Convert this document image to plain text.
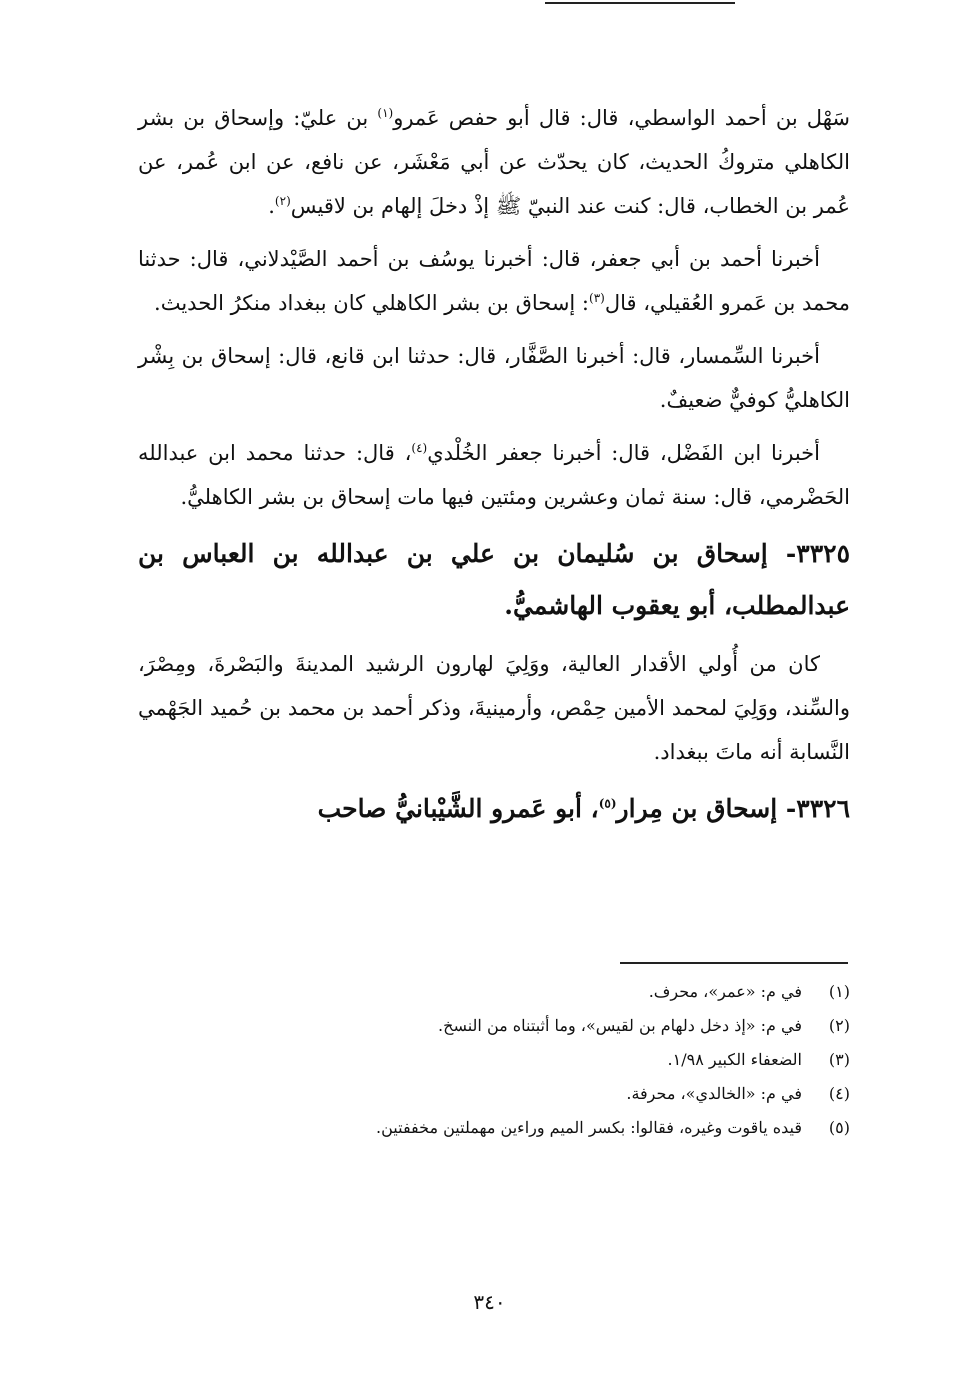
سَهْل بن أحمد الواسطي، قال: قال أبو حفص عَمرو$^{(١)}$ بن عليّ: وإسحاق بن بشر الكاهلي متروكُ الحديث، كان يحدّث عن أبي مَعْشَر، عن نافع، عن ابن عُمر، عن عُمر بن الخطاب، قال: كنت عند النبيّ ﷺ إذْ دخلَ إلهام بن لاقيس$^{(٢)}$.

أخبرنا أحمد بن أبي جعفر، قال: أخبرنا يوسُف بن أحمد الصَّيْدلاني، قال: حدثنا محمد بن عَمرو العُقيلي، قال$^{(٣)}$: إسحاق بن بشر الكاهلي كان ببغداد منكرُ الحديث.

أخبرنا السِّمسار، قال: أخبرنا الصَّفَّار، قال: حدثنا ابن قانع، قال: إسحاق بن بِشْر الكاهليُّ كوفيٌّ ضعيفٌ.

أخبرنا ابن الفَضْل، قال: أخبرنا جعفر الخُلْدي$^{(٤)}$، قال: حدثنا محمد ابن عبدالله الحَضْرمي، قال: سنة ثمان وعشرين ومئتين فيها مات إسحاق بن بشر الكاهليُّ.

٣٣٢٥- إسحاق بن سُليمان بن علي بن عبدالله بن العباس بن عبدالمطلب، أبو يعقوب الهاشميُّ.

كان من أُولي الأقدار العالية، ووَلِيَ لهارون الرشيد المدينةَ والبَصْرةَ، ومِصْرَ، والسِّند، ووَلِيَ لمحمد الأمين حِمْص، وأرمينيةَ، وذكر أحمد بن محمد بن حُميد الجَهْمي النَّسابة أنه ماتَ ببغداد.

٣٣٢٦- إسحاق بن مِرار$^{(٥)}$، أبو عَمرو الشَّيْبانيُّ صاحب

(١)في م: «عمر»، محرف.
(٢)في م: «إذ دخل دلهام بن لقيس»، وما أثبتناه من النسخ.
(٣)الضعفاء الكبير ١/٩٨.
(٤)في م: «الخالدي»، محرفة.
(٥)قيده ياقوت وغيره، فقالوا: بكسر الميم وراءين مهملتين مخففتين.
٣٤٠
